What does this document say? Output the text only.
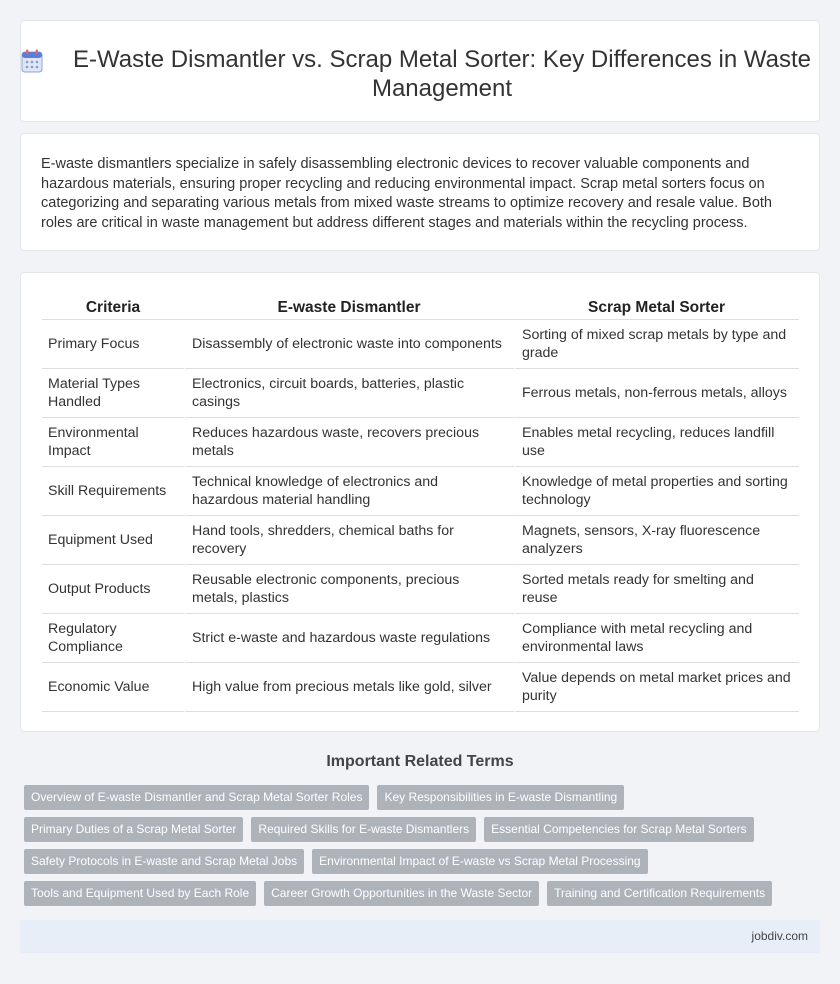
E-Waste Dismantler vs. Scrap Metal Sorter: Key Differences in Waste Management

E-waste dismantlers specialize in safely disassembling electronic devices to recover valuable components and hazardous materials, ensuring proper recycling and reducing environmental impact. Scrap metal sorters focus on categorizing and separating various metals from mixed waste streams to optimize recovery and resale value. Both roles are critical in waste management but address different stages and materials within the recycling process.

Criteria	E-waste Dismantler	Scrap Metal Sorter
Primary Focus	Disassembly of electronic waste into components	Sorting of mixed scrap metals by type and grade
Material Types Handled	Electronics, circuit boards, batteries, plastic casings	Ferrous metals, non-ferrous metals, alloys
Environmental Impact	Reduces hazardous waste, recovers precious metals	Enables metal recycling, reduces landfill use
Skill Requirements	Technical knowledge of electronics and hazardous material handling	Knowledge of metal properties and sorting technology
Equipment Used	Hand tools, shredders, chemical baths for recovery	Magnets, sensors, X-ray fluorescence analyzers
Output Products	Reusable electronic components, precious metals, plastics	Sorted metals ready for smelting and reuse
Regulatory Compliance	Strict e-waste and hazardous waste regulations	Compliance with metal recycling and environmental laws
Economic Value	High value from precious metals like gold, silver	Value depends on metal market prices and purity
Important Related Terms
Overview of E-waste Dismantler and Scrap Metal Sorter Roles	Key Responsibilities in E-waste Dismantling
Primary Duties of a Scrap Metal Sorter	Required Skills for E-waste Dismantlers	Essential Competencies for Scrap Metal Sorters
Safety Protocols in E-waste and Scrap Metal Jobs	Environmental Impact of E-waste vs Scrap Metal Processing
Tools and Equipment Used by Each Role	Career Growth Opportunities in the Waste Sector	Training and Certification Requirements
jobdiv.com
